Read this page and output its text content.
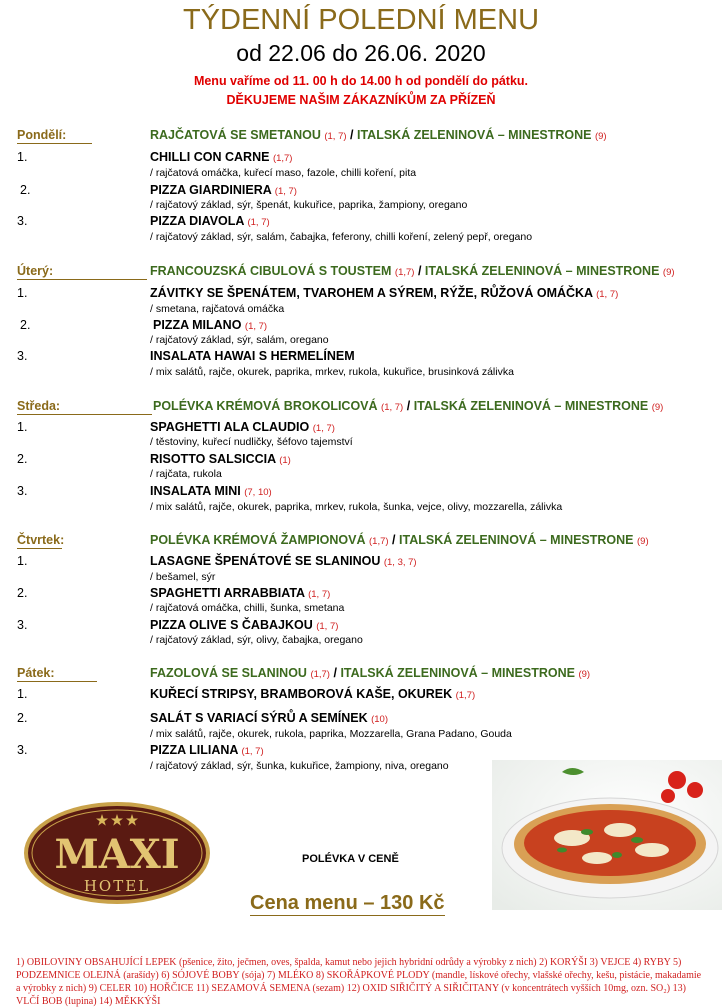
TÝDENNÍ POLEDNÍ MENU
od 22.06 do 26.06. 2020
Menu vaříme od 11. 00 h do 14.00 h od pondělí do pátku.
DĚKUJEME NAŠIM ZÁKAZNÍKŮM ZA PŘÍZEŇ
Pondělí:	RAJČATOVÁ SE SMETANOU (1, 7) / ITALSKÁ ZELENINOVÁ – MINESTRONE (9)
1.	CHILLI CON CARNE (1,7)
/ rajčatová omáčka, kuřecí maso, fazole, chilli koření, pita
2.	PIZZA GIARDINIERA (1, 7)
/ rajčatový základ, sýr, špenát, kukuřice, paprika, žampiony, oregano
3.	PIZZA DIAVOLA (1, 7)
/ rajčatový základ, sýr, salám, čabajka, feferony, chilli koření, zelený pepř, oregano
Úterý:	FRANCOUZSKÁ CIBULOVÁ S TOUSTEM (1,7) / ITALSKÁ ZELENINOVÁ – MINESTRONE (9)
1.	ZÁVITKY SE ŠPENÁTEM, TVAROHEM A SÝREM, RÝŽE, RŮŽOVÁ OMÁČKA (1, 7)
/ smetana, rajčatová omáčka
2.	PIZZA MILANO (1, 7)
/ rajčatový základ, sýr, salám, oregano
3.	INSALATA HAWAI S HERMELÍNEM
/ mix salátů, rajče, okurek, paprika, mrkev, rukola, kukuřice, brusinková zálivka
Středa:	POLÉVKA KRÉMOVÁ BROKOLICOVÁ (1, 7) / ITALSKÁ ZELENINOVÁ – MINESTRONE (9)
1.	SPAGHETTI ALA CLAUDIO (1, 7)
/ těstoviny, kuřecí nudličky, šéfovo tajemství
2.	RISOTTO SALSICCIA (1)
/ rajčata, rukola
3.	INSALATA MINI (7, 10)
/ mix salátů, rajče, okurek, paprika, mrkev, rukola, šunka, vejce, olivy, mozzarella, zálivka
Čtvrtek:	POLÉVKA KRÉMOVÁ ŽAMPIONOVÁ (1,7) / ITALSKÁ ZELENINOVÁ – MINESTRONE (9)
1.	LASAGNE ŠPENÁTOVÉ SE SLANINOU (1, 3, 7)
/ bešamel, sýr
2.	SPAGHETTI ARRABBIATA (1, 7)
/ rajčatová omáčka, chilli, šunka, smetana
3.	PIZZA OLIVE S ČABAJKOU (1, 7)
/ rajčatový základ, sýr, olivy, čabajka, oregano
Pátek:	FAZOLOVÁ SE SLANINOU (1,7) / ITALSKÁ ZELENINOVÁ – MINESTRONE (9)
1.	KUŘECÍ STRIPSY, BRAMBOROVÁ KAŠE, OKUREK (1,7)
2.	SALÁT S VARIACÍ SÝRŮ A SEMÍNEK (10)
/ mix salátů, rajče, okurek, rukola, paprika, Mozzarella, Grana Padano, Gouda
3.	PIZZA LILIANA (1, 7)
/ rajčatový základ, sýr, šunka, kukuřice, žampiony, niva, oregano
MAXI
HOTEL
POLÉVKA V CENĚ
Cena menu – 130 Kč
1) OBILOVINY OBSAHUJÍCÍ LEPEK (pšenice, žito, ječmen, oves, špalda, kamut nebo jejich hybridní odrůdy a výrobky z nich) 2) KORÝŠI 3) VEJCE 4) RYBY 5) PODZEMNICE OLEJNÁ (arašídy) 6) SÓJOVÉ BOBY (sója) 7) MLÉKO 8) SKOŘÁPKOVÉ PLODY (mandle, lískové ořechy, vlašské ořechy, kešu, pistácie, makadamie a výrobky z nich) 9) CELER 10) HOŘČICE 11) SEZAMOVÁ SEMENA (sezam) 12) OXID SIŘIČITÝ A SIŘIČITANY (v koncentrátech vyšších 10mg, ozn. SO₂) 13) VLČÍ BOB (lupina) 14) MĚKKÝŠI
